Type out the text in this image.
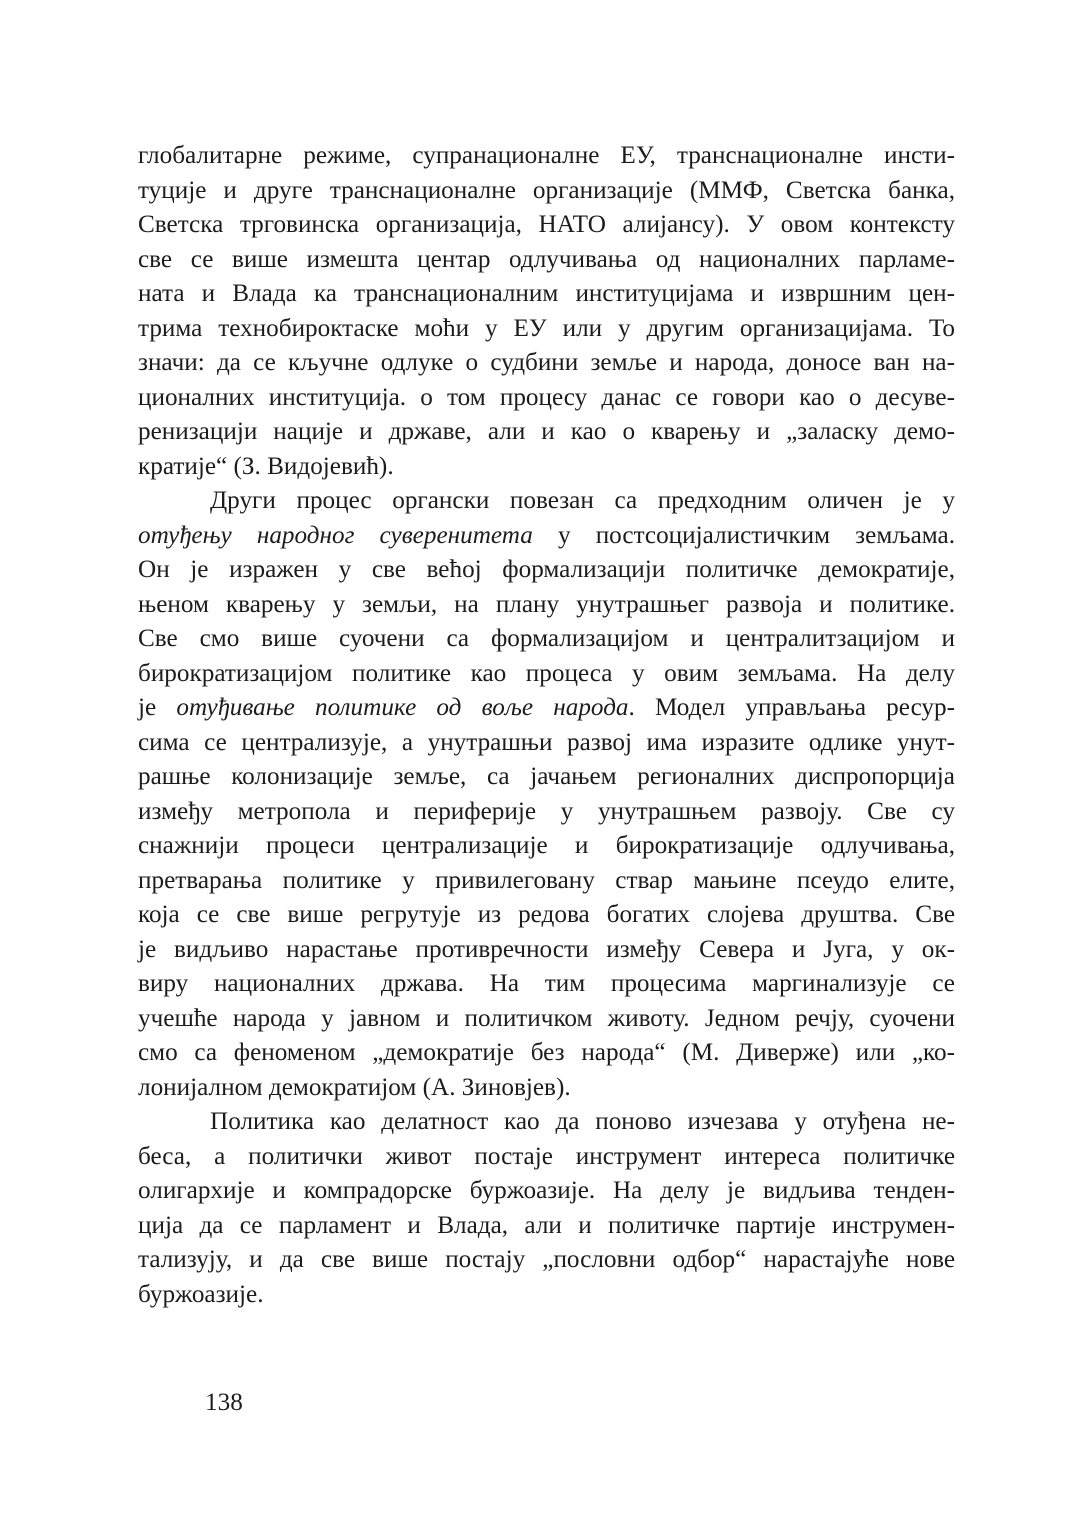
глобалитарне режиме, супранационалне ЕУ, транснационалне инсти-
туције и друге транснационалне организације (ММФ, Светска банка,
Светска трговинска организација, НАТО алијансу). У овом контексту
све се више измешта центар одлучивања од националних парламе-
ната и Влада ка транснационалним институцијама и извршним цен-
трима технобироктаске моћи у ЕУ или у другим организацијама. То
значи: да се кључне одлуке о судбини земље и народа, доносе ван на-
ционалних институција. о том процесу данас се говори као о десуве-
ренизацији нације и државе, али и као о кварењу и „заласку демо-
кратије“ (З. Видојевић).
Други процес органски повезан са предходним оличен је у
отуђењу народног суверенитета у постсоцијалистичким земљама.
Он је изражен у све већој формализацији политичке демократије,
њеном кварењу у земљи, на плану унутрашњег развоја и политике.
Све смо више суочени са формализацијом и централитзацијом и
бирократизацијом политике као процеса у овим земљама. На делу
је отуђивање политике од воље народа. Модел управљања ресур-
сима се централизује, а унутрашњи развој има изразите одлике унут-
рашње колонизације земље, са јачањем регионалних диспропорција
између метропола и периферије у унутрашњем развоју. Све су
снажнији процеси централизације и бирократизације одлучивања,
претварања политике у привилеговану ствар мањине псеудо елите,
која се све више регрутује из редова богатих слојева друштва. Све
је видљиво нарастање противречности између Севера и Југа, у ок-
виру националних држава. На тим процесима маргинализује се
учешће народа у јавном и политичком животу. Једном речју, суочени
смо са феноменом „демократије без народа“ (М. Диверже) или „ко-
лонијалном демократијом (А. Зиновјев).
Политика као делатност као да поново изчезава у отуђена не-
беса, а политички живот постаје инструмент интереса политичке
олигархије и компрадорске буржоазије. На делу је видљива тенден-
ција да се парламент и Влада, али и политичке партије инструмен-
тализују, и да све више постају „пословни одбор“ нарастајуће нове
буржоазије.
138
